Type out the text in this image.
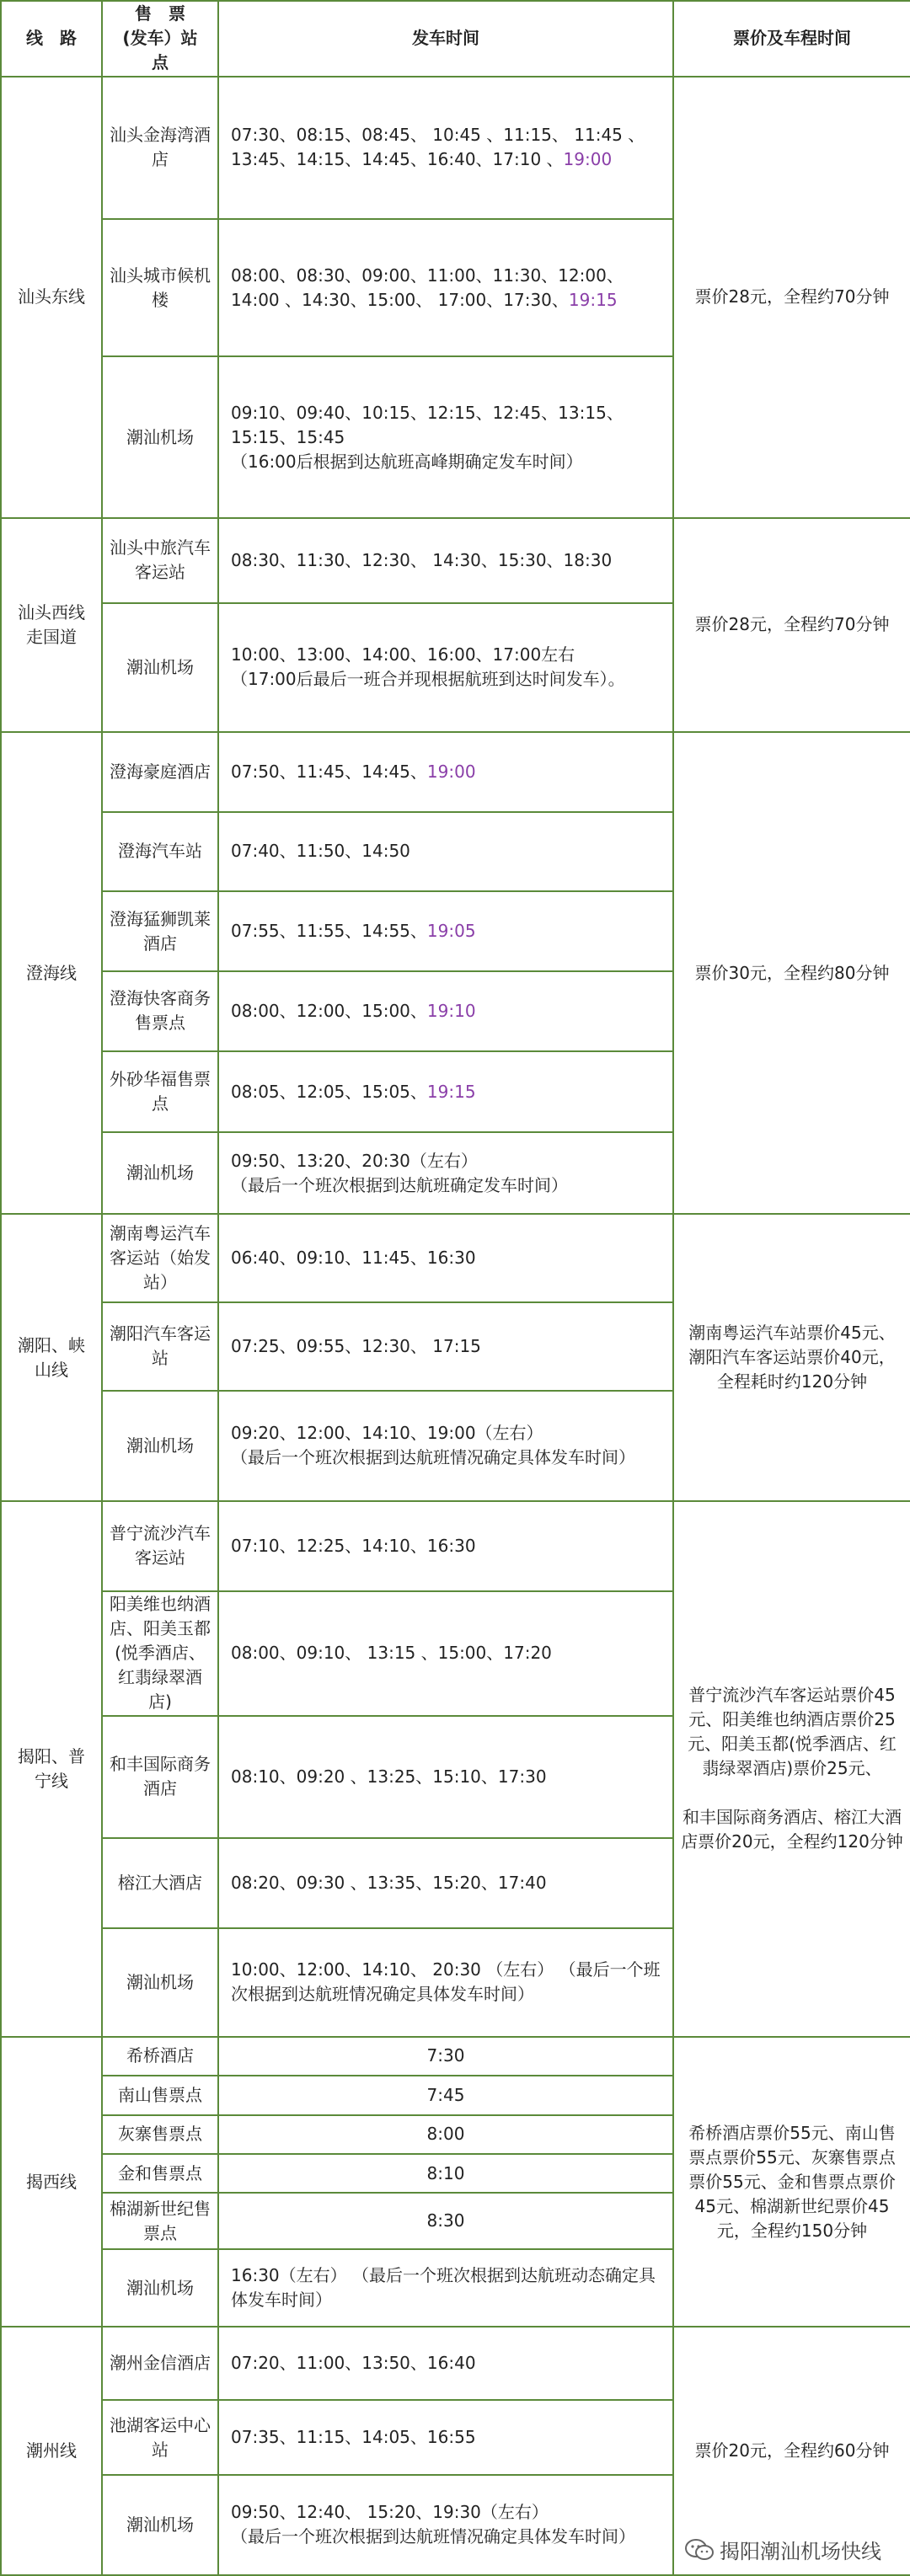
线　路	售　票
(发车）站 点	发车时间	票价及车程时间
汕头东线	汕头金海湾酒店	07:30、08:15、08:45、 10:45 、11:15、 11:45 、13:45、14:15、14:45、16:40、17:10 、19:00	票价28元，全程约70分钟
	汕头城市候机楼	08:00、08:30、09:00、11:00、11:30、12:00、 14:00 、14:30、15:00、 17:00、17:30、19:15	
	潮汕机场	09:10、09:40、10:15、12:15、12:45、13:15、15:15、15:45
（16:00后根据到达航班高峰期确定发车时间）	
汕头西线走国道	汕头中旅汽车客运站	08:30、11:30、12:30、 14:30、15:30、18:30	票价28元，全程约70分钟
	潮汕机场	10:00、13:00、14:00、16:00、17:00左右
（17:00后最后一班合并现根据航班到达时间发车）。	
澄海线	澄海豪庭酒店	07:50、11:45、14:45、19:00	票价30元，全程约80分钟
	澄海汽车站	07:40、11:50、14:50	
	澄海猛狮凯莱酒店	07:55、11:55、14:55、19:05	
	澄海快客商务售票点	08:00、12:00、15:00、19:10	
	外砂华福售票点	08:05、12:05、15:05、19:15	
	潮汕机场	09:50、13:20、20:30（左右）
（最后一个班次根据到达航班确定发车时间）	
潮阳、峡山线	潮南粤运汽车客运站（始发站）	06:40、09:10、11:45、16:30	潮南粤运汽车站票价45元、潮阳汽车客运站票价40元，全程耗时约120分钟
	潮阳汽车客运站	07:25、09:55、12:30、 17:15	
	潮汕机场	09:20、12:00、14:10、19:00（左右）
（最后一个班次根据到达航班情况确定具体发车时间）	
揭阳、普宁线	普宁流沙汽车客运站	07:10、12:25、14:10、16:30	普宁流沙汽车客运站票价45元、阳美维也纳酒店票价25元、阳美玉都(悦季酒店、红翡绿翠酒店)票价25元、

和丰国际商务酒店、榕江大酒店票价20元，全程约120分钟
	阳美维也纳酒店、阳美玉都(悦季酒店、红翡绿翠酒店)	08:00、09:10、 13:15 、15:00、17:20	
	和丰国际商务酒店	08:10、09:20 、13:25、15:10、17:30	
	榕江大酒店	08:20、09:30 、13:35、15:20、17:40	
	潮汕机场	10:00、12:00、14:10、 20:30 （左右） （最后一个班次根据到达航班情况确定具体发车时间）	
揭西线	希桥酒店	7:30	希桥酒店票价55元、南山售票点票价55元、灰寨售票点票价55元、金和售票点票价45元、棉湖新世纪票价45元，全程约150分钟
	南山售票点	7:45	
	灰寨售票点	8:00	
	金和售票点	8:10	
	棉湖新世纪售票点	8:30	
	潮汕机场	16:30（左右） （最后一个班次根据到达航班动态确定具体发车时间）	
潮州线	潮州金信酒店	07:20、11:00、13:50、16:40	票价20元，全程约60分钟
	池湖客运中心站	07:35、11:15、14:05、16:55	
	潮汕机场	09:50、12:40、 15:20、19:30（左右）
（最后一个班次根据到达航班情况确定具体发车时间）	
揭阳潮汕机场快线
